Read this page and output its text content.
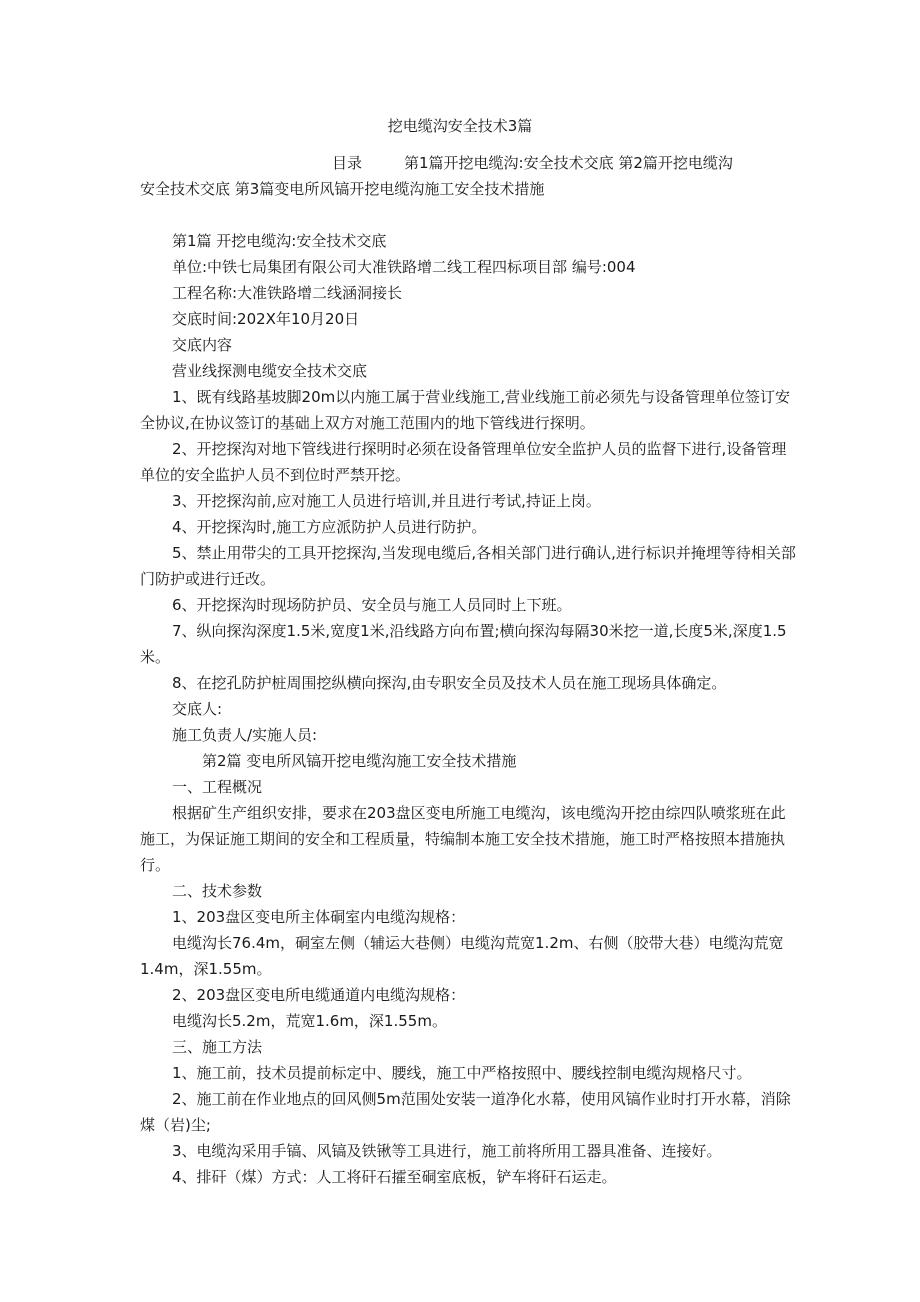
挖电缆沟安全技术3篇
目录	第1篇开挖电缆沟:安全技术交底 第2篇开挖电缆沟
安全技术交底 第3篇变电所风镐开挖电缆沟施工安全技术措施

第1篇 开挖电缆沟:安全技术交底

单位:中铁七局集团有限公司大准铁路增二线工程四标项目部 编号:004

工程名称:大准铁路增二线涵洞接长

交底时间:202X年10月20日

交底内容

营业线探测电缆安全技术交底

1、既有线路基坡脚20m以内施工属于营业线施工,营业线施工前必须先与设备管理单位签订安全协议,在协议签订的基础上双方对施工范围内的地下管线进行探明。

2、开挖探沟对地下管线进行探明时必须在设备管理单位安全监护人员的监督下进行,设备管理单位的安全监护人员不到位时严禁开挖。

3、开挖探沟前,应对施工人员进行培训,并且进行考试,持证上岗。

4、开挖探沟时,施工方应派防护人员进行防护。

5、禁止用带尖的工具开挖探沟,当发现电缆后,各相关部门进行确认,进行标识并掩埋等待相关部门防护或进行迁改。

6、开挖探沟时现场防护员、安全员与施工人员同时上下班。

7、纵向探沟深度1.5米,宽度1米,沿线路方向布置;横向探沟每隔30米挖一道,长度5米,深度1.5米。

8、在挖孔防护桩周围挖纵横向探沟,由专职安全员及技术人员在施工现场具体确定。

交底人:

施工负责人/实施人员:

第2篇 变电所风镐开挖电缆沟施工安全技术措施

一、工程概况

根据矿生产组织安排，要求在203盘区变电所施工电缆沟，该电缆沟开挖由综四队喷浆班在此施工，为保证施工期间的安全和工程质量，特编制本施工安全技术措施，施工时严格按照本措施执行。

二、技术参数

1、203盘区变电所主体硐室内电缆沟规格：

电缆沟长76.4m，硐室左侧（辅运大巷侧）电缆沟荒宽1.2m、右侧（胶带大巷）电缆沟荒宽1.4m，深1.55m。

2、203盘区变电所电缆通道内电缆沟规格：

电缆沟长5.2m，荒宽1.6m，深1.55m。

三、施工方法

1、施工前，技术员提前标定中、腰线，施工中严格按照中、腰线控制电缆沟规格尺寸。

2、施工前在作业地点的回风侧5m范围处安装一道净化水幕，使用风镐作业时打开水幕，消除煤（岩)尘;

3、电缆沟采用手镐、风镐及铁锹等工具进行，施工前将所用工器具准备、连接好。

4、排矸（煤）方式：人工将矸石攉至硐室底板，铲车将矸石运走。
